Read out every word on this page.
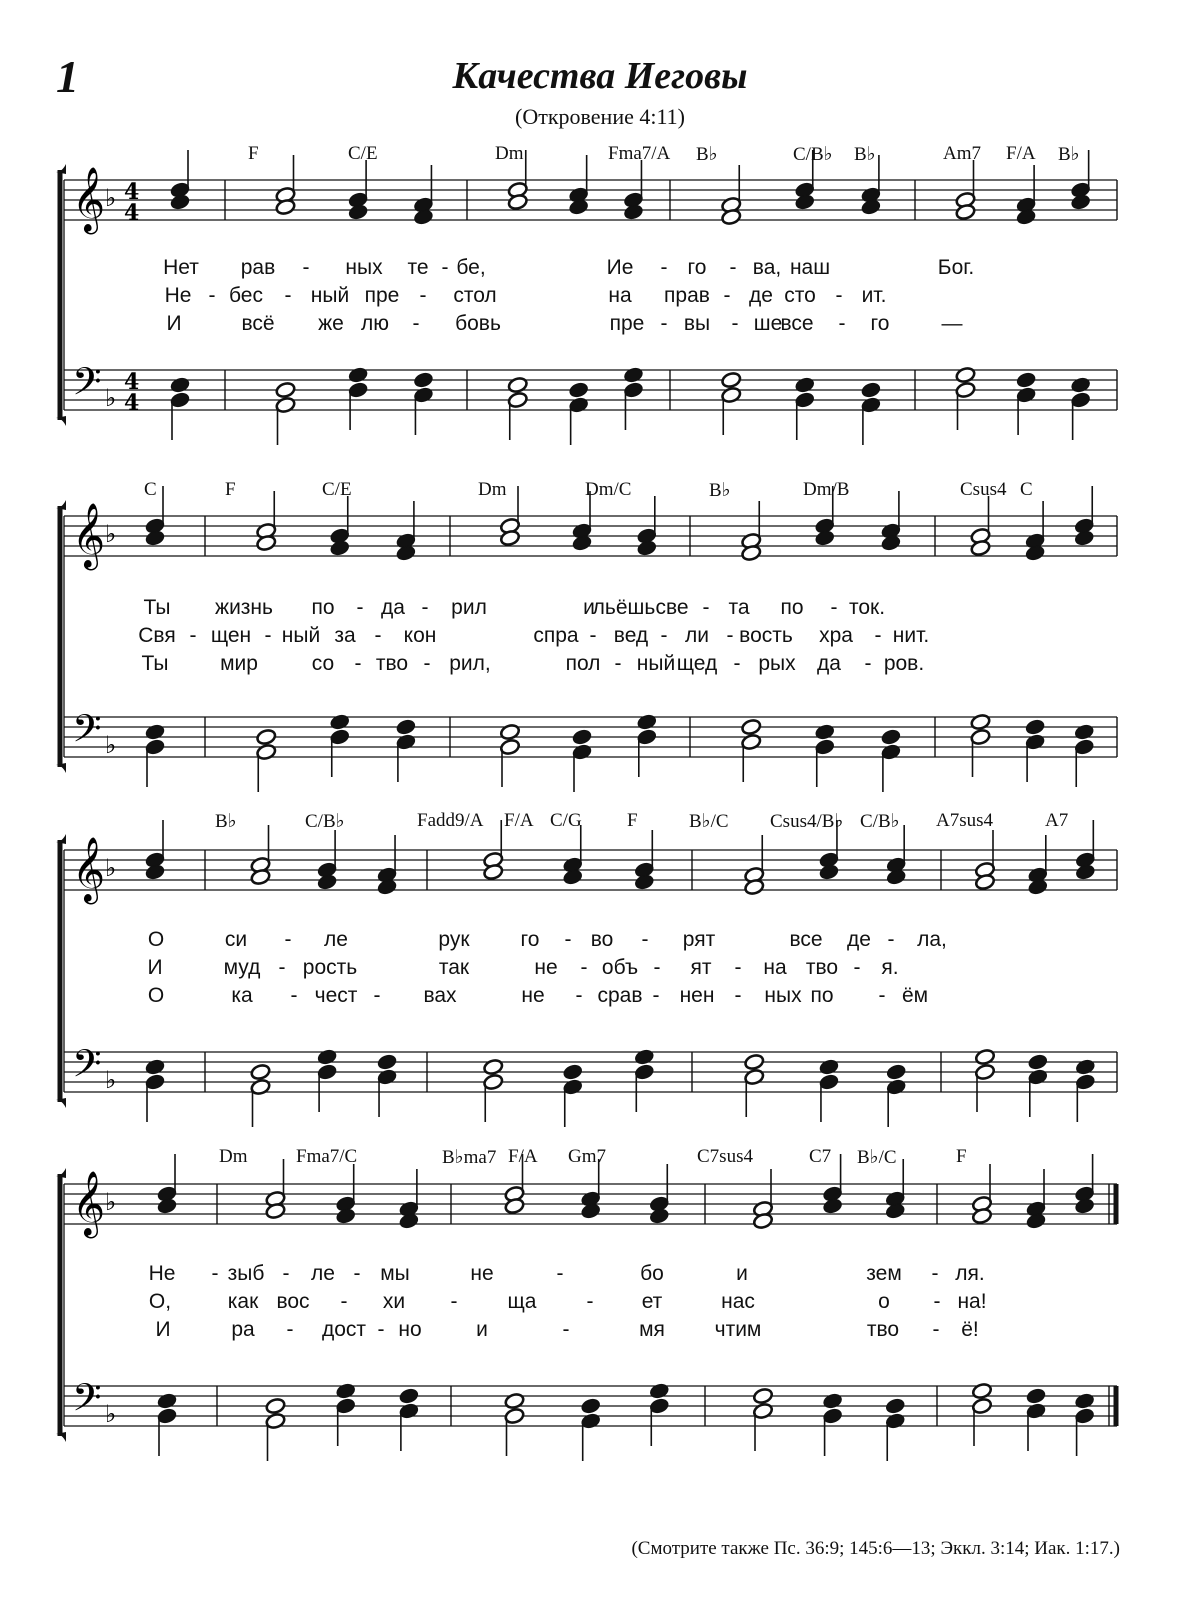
1	Качества Иеговы
(Откровение 4:11)
𝄞
𝄢
♭
♭
4
4
4
4
𝄞
𝄢
♭
♭
𝄞
𝄢
♭
♭
𝄞
𝄢
♭
♭
F	C/E	Dm	Fma7/A B♭	C/B♭ B♭	Am7 F/A B♭
Нет рав - ных те - бе,	Ие - го - ва, наш	Бог.
Не - бес - ный пре - стол	на прав - де сто - ит.
И	всё же лю - бовь	пре - вы - ше
все - го —
C	F	C/E	Dm	Dm/C	B♭	Dm/B	Csus4 C
Ты жизнь по - да - рил	и
льёшь све - та по - ток.
Свя - щен - ный за - кон	спра - вед - ли - вость хра - нит.
Ты мир	со - тво - рил,	пол - ный щед - рых да - ров.
B♭	C/B♭	Fadd9/A F/A C/G F	B♭/C Csus4/B♭ C/B♭ A7sus4	A7
О	си - ле	рук го - во - рят	все де - ла,
И	муд - рость	так	не - объ - ят - на тво - я.
О	ка - чест - вах	не - срав - нен - ных по - ём
Dm	Fma7/C	B♭ma7 F/A Gm7	C7sus4	C7 B♭/C	F
Не - зыб - ле - мы	не	-	бо	и	зем - ля.
О,	как вос - хи - ща - ет	нас	о - на!
И	ра - дост - но	и	-	мя чтим	тво - ё!
(Смотрите также Пс. 36:9; 145:6—13; Эккл. 3:14; Иак. 1:17.)
